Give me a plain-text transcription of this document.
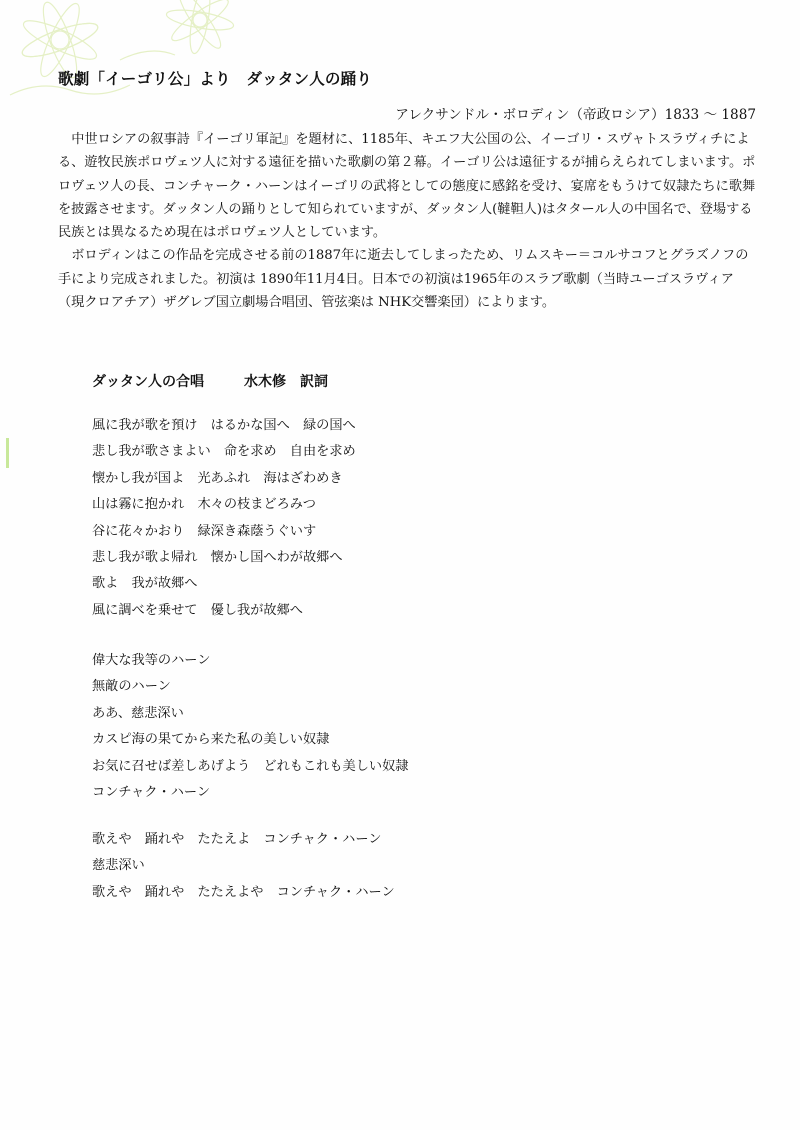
歌劇「イーゴリ公」より　ダッタン人の踊り
アレクサンドル・ボロディン（帝政ロシア）1833 〜 1887

中世ロシアの叙事詩『イーゴリ軍記』を題材に、1185年、キエフ大公国の公、イーゴリ・スヴャトスラヴィチによる、遊牧民族ポロヴェツ人に対する遠征を描いた歌劇の第２幕。イーゴリ公は遠征するが捕らえられてしまいます。ポロヴェツ人の長、コンチャーク・ハーンはイーゴリの武将としての態度に感銘を受け、宴席をもうけて奴隷たちに歌舞を披露させます。ダッタン人の踊りとして知られていますが、ダッタン人(韃靼人)はタタール人の中国名で、登場する民族とは異なるため現在はポロヴェツ人としています。

ボロディンはこの作品を完成させる前の1887年に逝去してしまったため、リムスキー＝コルサコフとグラズノフの手により完成されました。初演は 1890年11月4日。日本での初演は1965年のスラブ歌劇（当時ユーゴスラヴィア（現クロアチア）ザグレブ国立劇場合唱団、管弦楽は NHK交響楽団）によります。

ダッタン人の合唱	水木修　訳詞
風に我が歌を預け　はるかな国へ　緑の国へ
悲し我が歌さまよい　命を求め　自由を求め
懐かし我が国よ　光あふれ　海はざわめき
山は霧に抱かれ　木々の枝まどろみつ
谷に花々かおり　緑深き森蔭うぐいす
悲し我が歌よ帰れ　懐かし国へわが故郷へ
歌よ　我が故郷へ
風に調べを乗せて　優し我が故郷へ
偉大な我等のハーン
無敵のハーン
ああ、慈悲深い
カスピ海の果てから来た私の美しい奴隷
お気に召せば差しあげよう　どれもこれも美しい奴隷
コンチャク・ハーン
歌えや　踊れや　たたえよ　コンチャク・ハーン
慈悲深い
歌えや　踊れや　たたえよや　コンチャク・ハーン
